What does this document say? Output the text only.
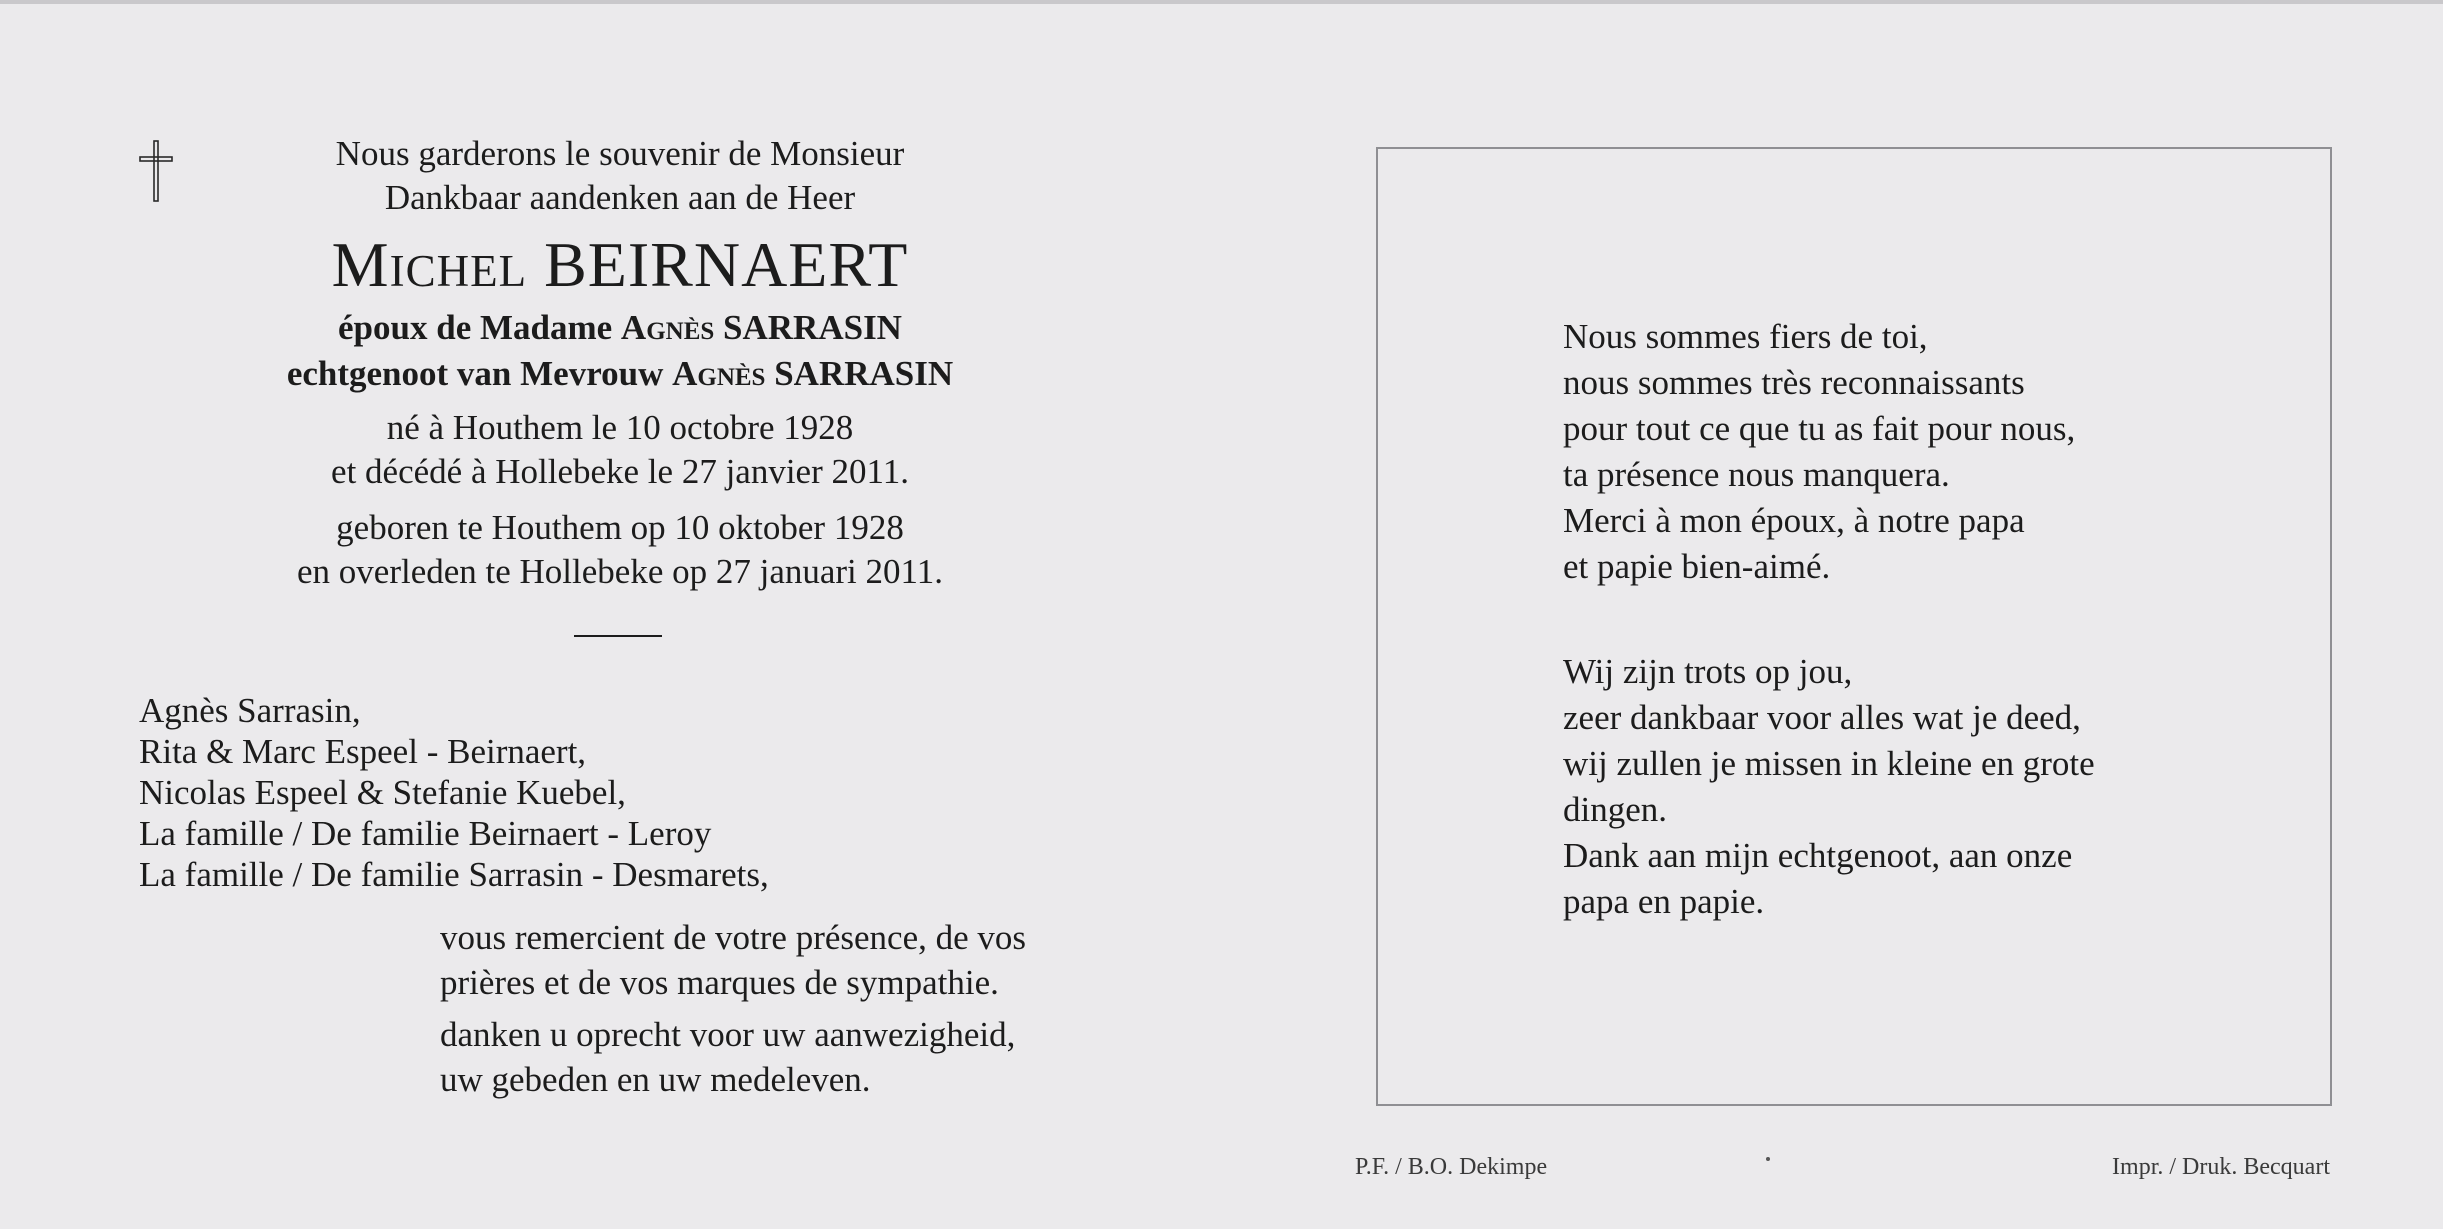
Nous garderons le souvenir de Monsieur
Dankbaar aandenken aan de Heer
Michel BEIRNAERT
époux de Madame Agnès SARRASIN
echtgenoot van Mevrouw Agnès SARRASIN
né à Houthem le 10 octobre 1928
et décédé à Hollebeke le 27 janvier 2011.
geboren te Houthem op 10 oktober 1928
en overleden te Hollebeke op 27 januari 2011.
Agnès Sarrasin,
Rita & Marc Espeel - Beirnaert,
Nicolas Espeel & Stefanie Kuebel,
La famille / De familie Beirnaert - Leroy
La famille / De familie Sarrasin - Desmarets,
vous remercient de votre présence, de vos
prières et de vos marques de sympathie.
danken u oprecht voor uw aanwezigheid,
uw gebeden en uw medeleven.
Nous sommes fiers de toi,
nous sommes très reconnaissants
pour tout ce que tu as fait pour nous,
ta présence nous manquera.
Merci à mon époux, à notre papa
et papie bien-aimé.
Wij zijn trots op jou,
zeer dankbaar voor alles wat je deed,
wij zullen je missen in kleine en grote
dingen.
Dank aan mijn echtgenoot, aan onze
papa en papie.
P.F. / B.O. Dekimpe	Impr. / Druk. Becquart
